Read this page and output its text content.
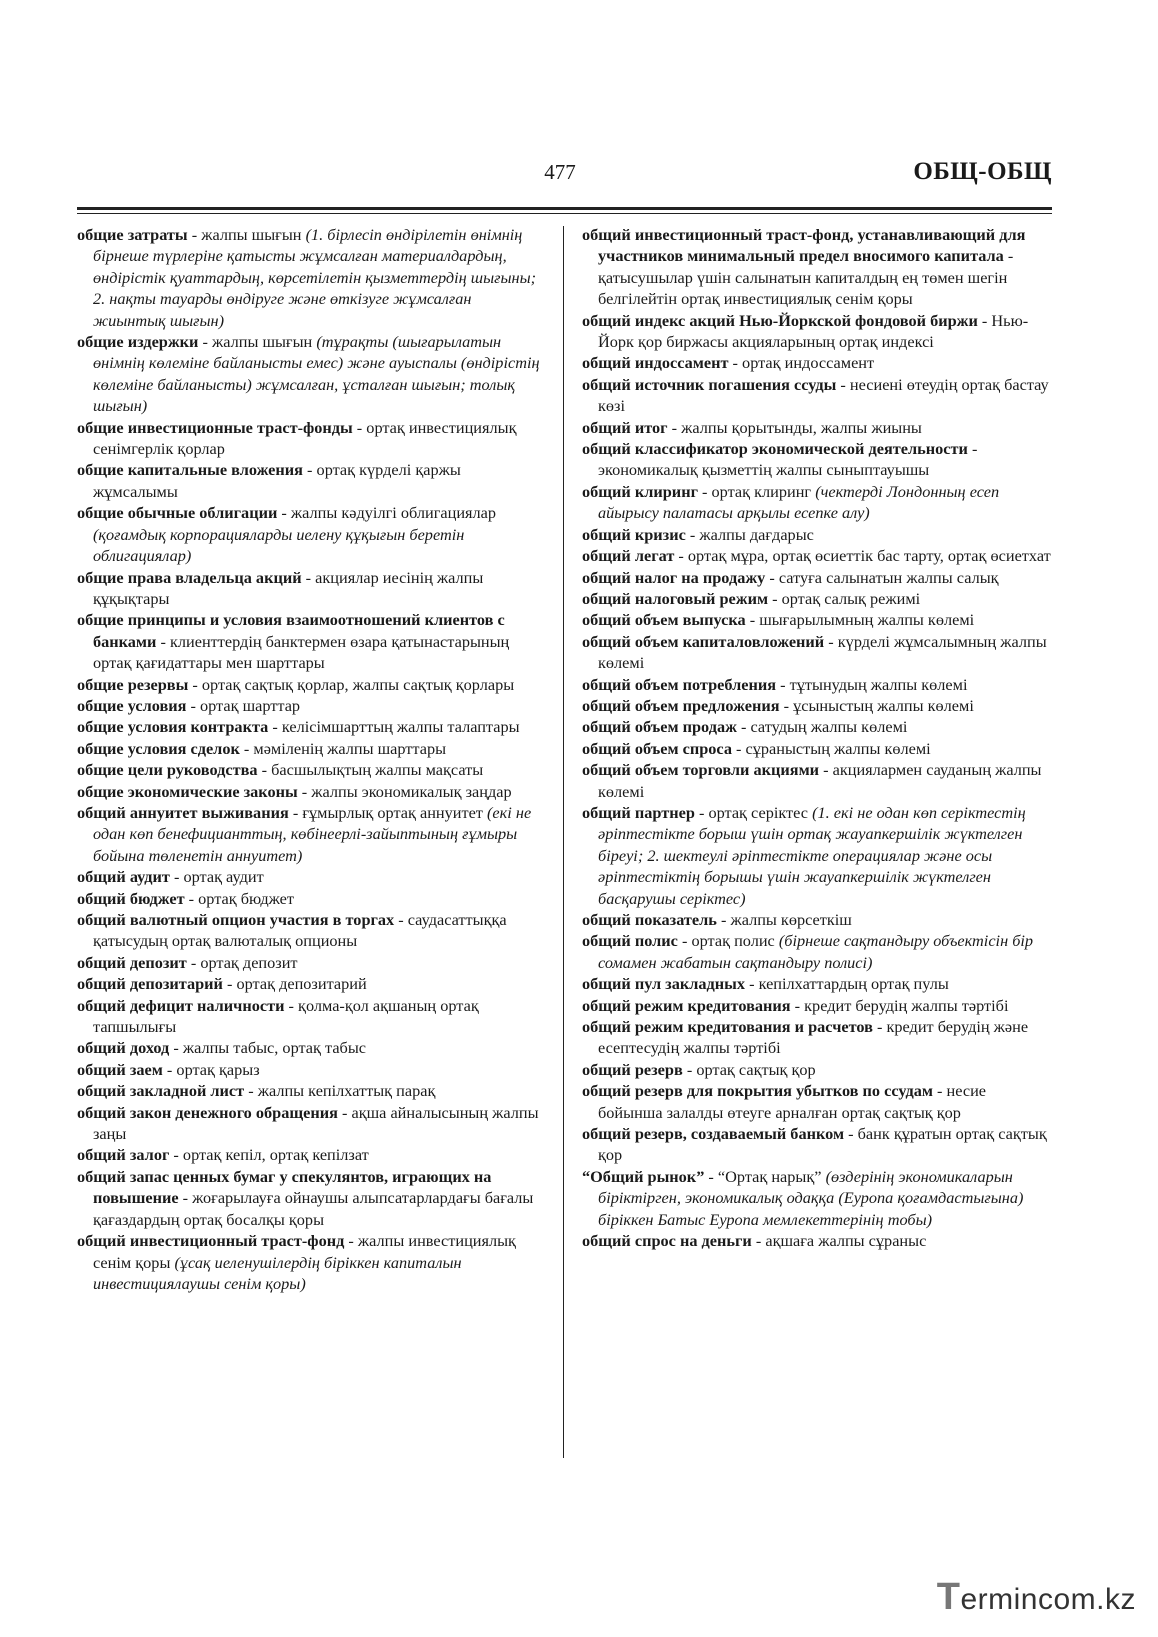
477	ОБЩ-ОБЩ

общие затраты - жалпы шығын (1. бірлесіп өндірілетін өнімнің бірнеше түрлеріне қатысты жұмсалған материалдардың, өндірістік қуаттардың, көрсетілетін қызметтердің шығыны; 2. нақты тауарды өндіруге және өткізуге жұмсалған жиынтық шығын)

общие издержки - жалпы шығын (тұрақты (шығарылатын өнімнің көлеміне байланысты емес) және ауыспалы (өндірістің көлеміне байланысты) жұмсалған, ұсталған шығын; толық шығын)

общие инвестиционные траст-фонды - ортақ инвестициялық сенімгерлік қорлар

общие капитальные вложения - ортақ күрделі қаржы жұмсалымы

общие обычные облигации - жалпы кәдуілгі облигациялар (қоғамдық корпорацияларды иелену құқығын беретін облигациялар)

общие права владельца акций - акциялар иесінің жалпы құқықтары

общие принципы и условия взаимоотношений клиентов с банками - клиенттердің банктермен өзара қатынастарының ортақ қағидаттары мен шарттары

общие резервы - ортақ сақтық қорлар, жалпы сақтық қорлары

общие условия - ортақ шарттар

общие условия контракта - келісімшарттың жалпы талаптары

общие условия сделок - мәміленің жалпы шарттары

общие цели руководства - басшылықтың жалпы мақсаты

общие экономические законы - жалпы экономикалық заңдар

общий аннуитет выживания - ғұмырлық ортақ аннуитет (екі не одан көп бенефицианттың, көбінеерлі-зайыптының ғұмыры бойына төленетін аннуитет)

общий аудит - ортақ аудит

общий бюджет - ортақ бюджет

общий валютный опцион участия в торгах - саудасаттыққа қатысудың ортақ валюталық опционы

общий депозит - ортақ депозит

общий депозитарий - ортақ депозитарий

общий дефицит наличности - қолма-қол ақшаның ортақ тапшылығы

общий доход - жалпы табыс, ортақ табыс

общий заем - ортақ қарыз

общий закладной лист - жалпы кепілхаттық парақ

общий закон денежного обращения - ақша айналысының жалпы заңы

общий залог - ортақ кепіл, ортақ кепілзат

общий запас ценных бумаг у спекулянтов, играющих на повышение - жоғарылауға ойнаушы алыпсатарлардағы бағалы қағаздардың ортақ босалқы қоры

общий инвестиционный траст-фонд - жалпы инвестициялық сенім қоры (ұсақ иеленушілердің біріккен капиталын инвестициялаушы сенім қоры)

общий инвестиционный траст-фонд, устанавливающий для участников минимальный предел вносимого капитала - қатысушылар үшін салынатын капиталдың ең төмен шегін белгілейтін ортақ инвестициялық сенім қоры

общий индекс акций Нью-Йоркской фондовой биржи - Нью-Йорк қор биржасы акцияларының ортақ индексі

общий индоссамент - ортақ индоссамент

общий источник погашения ссуды - несиені өтеудің ортақ бастау көзі

общий итог - жалпы қорытынды, жалпы жиыны

общий классификатор экономической деятельности - экономикалық қызметтің жалпы сыныптауышы

общий клиринг - ортақ клиринг (чектерді Лондонның есеп айырысу палатасы арқылы есепке алу)

общий кризис - жалпы дағдарыс

общий легат - ортақ мұра, ортақ өсиеттік бас тарту, ортақ өсиетхат

общий налог на продажу - сатуға салынатын жалпы салық

общий налоговый режим - ортақ салық режимі

общий объем выпуска - шығарылымның жалпы көлемі

общий объем капиталовложений - күрделі жұмсалымның жалпы көлемі

общий объем потребления - тұтынудың жалпы көлемі

общий объем предложения - ұсыныстың жалпы көлемі

общий объем продаж - сатудың жалпы көлемі

общий объем спроса - сұраныстың жалпы көлемі

общий объем торговли акциями - акциялармен сауданың жалпы көлемі

общий партнер - ортақ серіктес (1. екі не одан көп серіктестің әріптестікте борыш үшін ортақ жауапкершілік жүктелген біреуі; 2. шектеулі әріптестікте операциялар және осы әріптестіктің борышы үшін жауапкершілік жүктелген басқарушы серіктес)

общий показатель - жалпы көрсеткіш

общий полис - ортақ полис (бірнеше сақтандыру объектісін бір сомамен жабатын сақтандыру полисі)

общий пул закладных - кепілхаттардың ортақ пулы

общий режим кредитования - кредит берудің жалпы тәртібі

общий режим кредитования и расчетов - кредит берудің және есептесудің жалпы тәртібі

общий резерв - ортақ сақтық қор

общий резерв для покрытия убытков по ссудам - несие бойынша залалды өтеуге арналған ортақ сақтық қор

общий резерв, создаваемый банком - банк құратын ортақ сақтық қор

“Общий рынок” - “Ортақ нарық” (өздерінің экономикаларын біріктірген, экономикалық одаққа (Еуропа қоғамдастығына) біріккен Батыс Еуропа мемлекеттерінің тобы)

общий спрос на деньги - ақшаға жалпы сұраныс

Termincom.kz
